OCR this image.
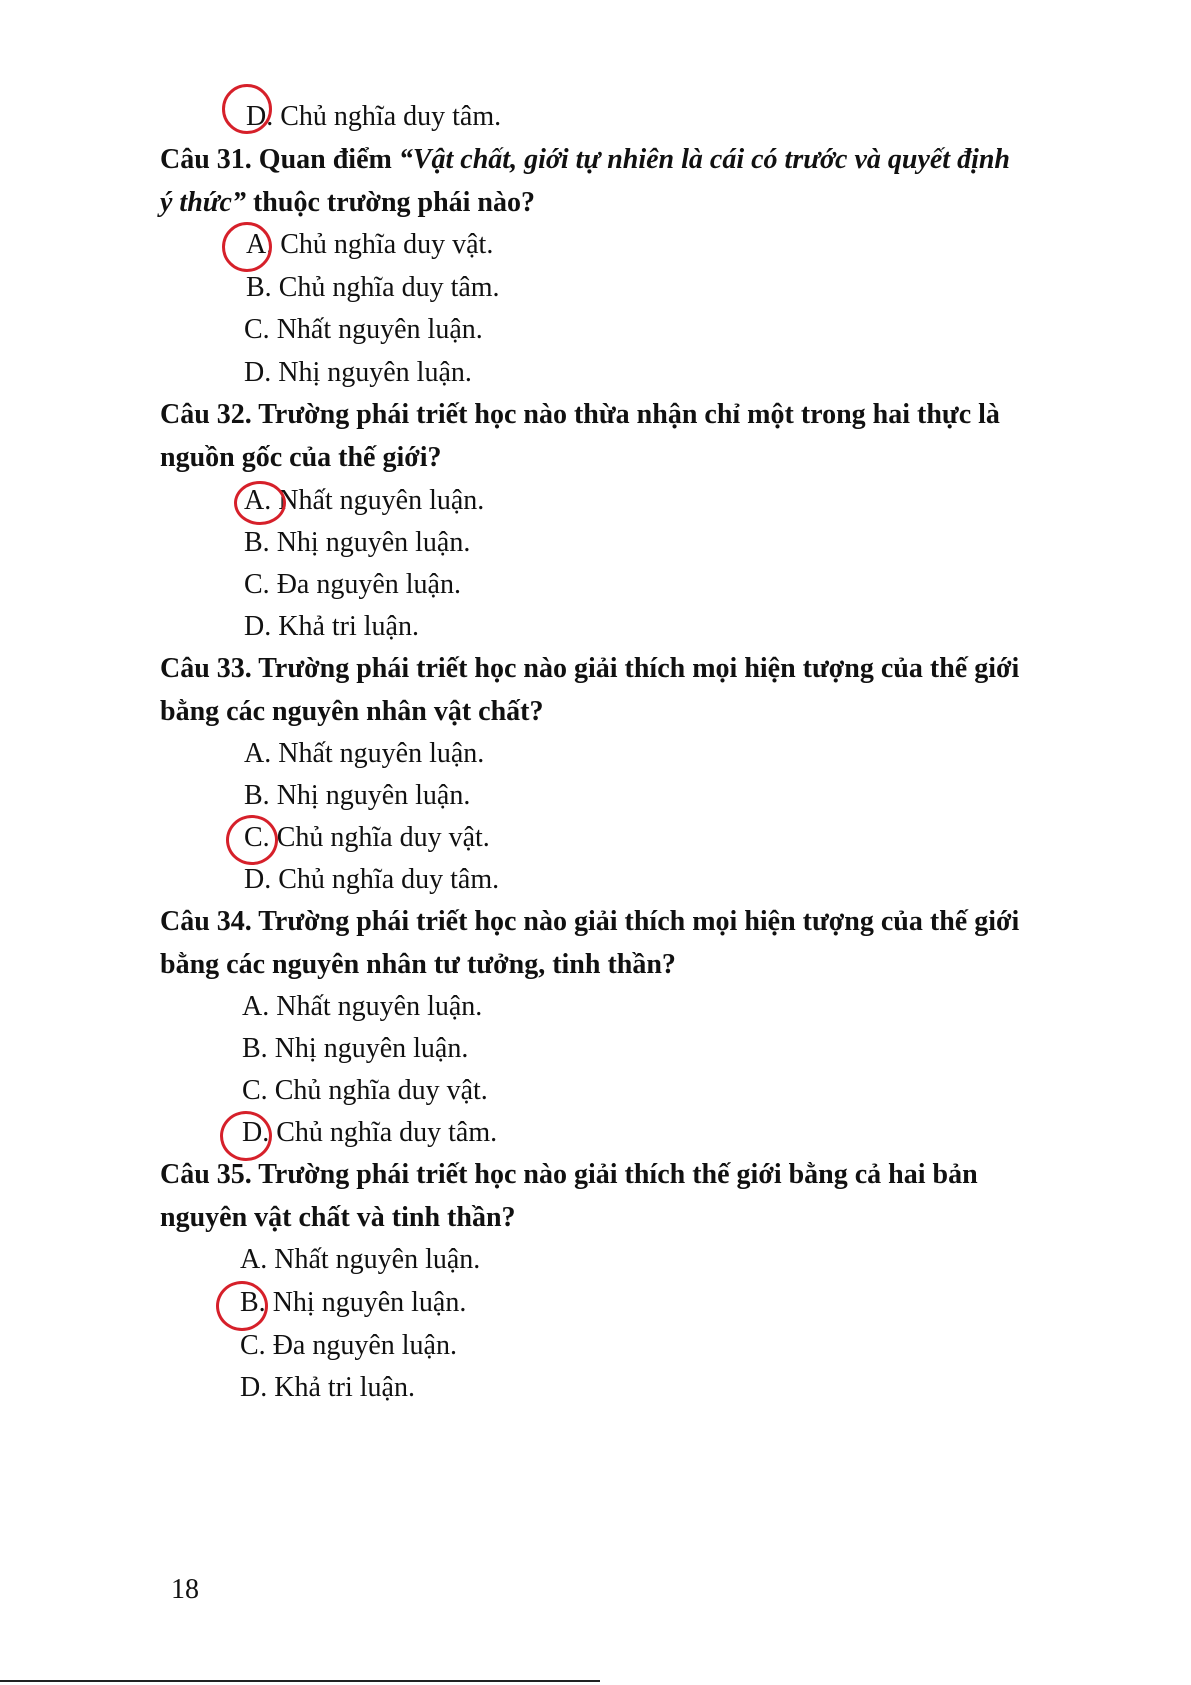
D. Chủ nghĩa duy tâm.
Câu 31. Quan điểm “Vật chất, giới tự nhiên là cái có trước và quyết định
ý thức” thuộc trường phái nào?
A. Chủ nghĩa duy vật.
B. Chủ nghĩa duy tâm.
C. Nhất nguyên luận.
D. Nhị nguyên luận.
Câu 32. Trường phái triết học nào thừa nhận chỉ một trong hai thực là
nguồn gốc của thế giới?
A. Nhất nguyên luận.
B. Nhị nguyên luận.
C. Đa nguyên luận.
D. Khả tri luận.
Câu 33. Trường phái triết học nào giải thích mọi hiện tượng của thế giới
bằng các nguyên nhân vật chất?
A. Nhất nguyên luận.
B. Nhị nguyên luận.
C. Chủ nghĩa duy vật.
D. Chủ nghĩa duy tâm.
Câu 34. Trường phái triết học nào giải thích mọi hiện tượng của thế giới
bằng các nguyên nhân tư tưởng, tinh thần?
A. Nhất nguyên luận.
B. Nhị nguyên luận.
C. Chủ nghĩa duy vật.
D. Chủ nghĩa duy tâm.
Câu 35. Trường phái triết học nào giải thích thế giới bằng cả hai bản
nguyên vật chất và tinh thần?
A. Nhất nguyên luận.
B. Nhị nguyên luận.
C. Đa nguyên luận.
D. Khả tri luận.
18
